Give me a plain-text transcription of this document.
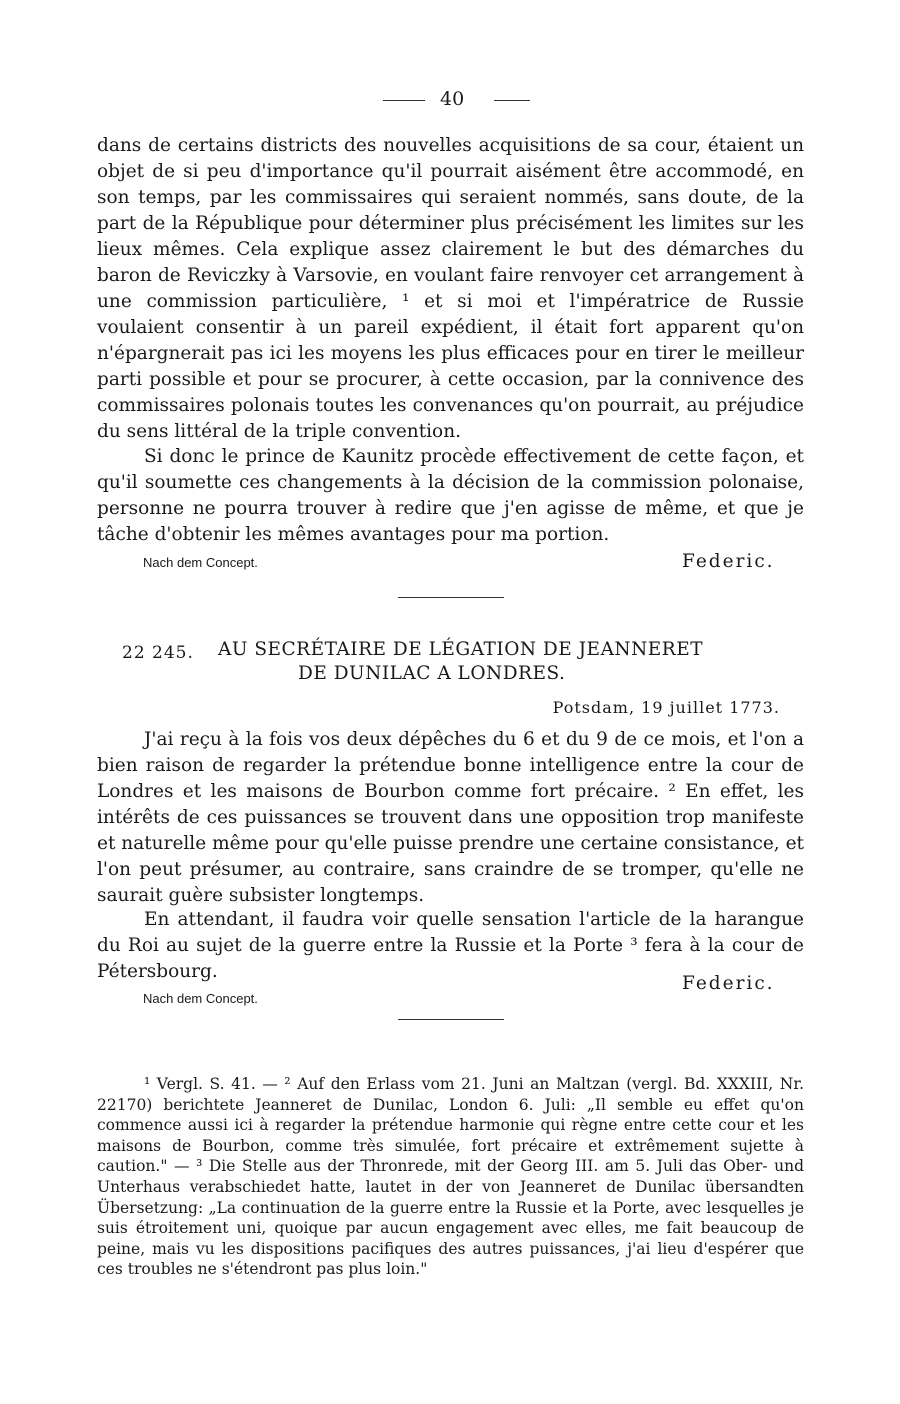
40
dans de certains districts des nouvelles acquisitions de sa cour, étaient un objet de si peu d'importance qu'il pourrait aisément être accommodé, en son temps, par les commissaires qui seraient nommés, sans doute, de la part de la République pour déterminer plus précisément les limites sur les lieux mêmes. Cela explique assez clairement le but des démarches du baron de Reviczky à Varsovie, en voulant faire renvoyer cet arrangement à une commission particulière, ¹ et si moi et l'impératrice de Russie voulaient consentir à un pareil expédient, il était fort apparent qu'on n'épargnerait pas ici les moyens les plus efficaces pour en tirer le meilleur parti possible et pour se procurer, à cette occasion, par la connivence des commissaires polonais toutes les convenances qu'on pourrait, au préjudice du sens littéral de la triple convention.
Si donc le prince de Kaunitz procède effectivement de cette façon, et qu'il soumette ces changements à la décision de la commission polonaise, personne ne pourra trouver à redire que j'en agisse de même, et que je tâche d'obtenir les mêmes avantages pour ma portion.
Nach dem Concept.	Federic.
22 245. AU SECRÉTAIRE DE LÉGATION DE JEANNERET
DE DUNILAC A LONDRES.
Potsdam, 19 juillet 1773.
J'ai reçu à la fois vos deux dépêches du 6 et du 9 de ce mois, et l'on a bien raison de regarder la prétendue bonne intelligence entre la cour de Londres et les maisons de Bourbon comme fort précaire. ² En effet, les intérêts de ces puissances se trouvent dans une opposition trop manifeste et naturelle même pour qu'elle puisse prendre une certaine consistance, et l'on peut présumer, au contraire, sans craindre de se tromper, qu'elle ne saurait guère subsister longtemps.
En attendant, il faudra voir quelle sensation l'article de la harangue du Roi au sujet de la guerre entre la Russie et la Porte ³ fera à la cour de Pétersbourg.
Nach dem Concept.
Federic.
¹ Vergl. S. 41. — ² Auf den Erlass vom 21. Juni an Maltzan (vergl. Bd. XXXIII, Nr. 22170) berichtete Jeanneret de Dunilac, London 6. Juli: „Il semble eu effet qu'on commence aussi ici à regarder la prétendue harmonie qui règne entre cette cour et les maisons de Bourbon, comme très simulée, fort précaire et extrêmement sujette à caution." — ³ Die Stelle aus der Thronrede, mit der Georg III. am 5. Juli das Ober- und Unterhaus verabschiedet hatte, lautet in der von Jeanneret de Dunilac übersandten Übersetzung: „La continuation de la guerre entre la Russie et la Porte, avec lesquelles je suis étroitement uni, quoique par aucun engagement avec elles, me fait beaucoup de peine, mais vu les dispositions pacifiques des autres puissances, j'ai lieu d'espérer que ces troubles ne s'étendront pas plus loin."
